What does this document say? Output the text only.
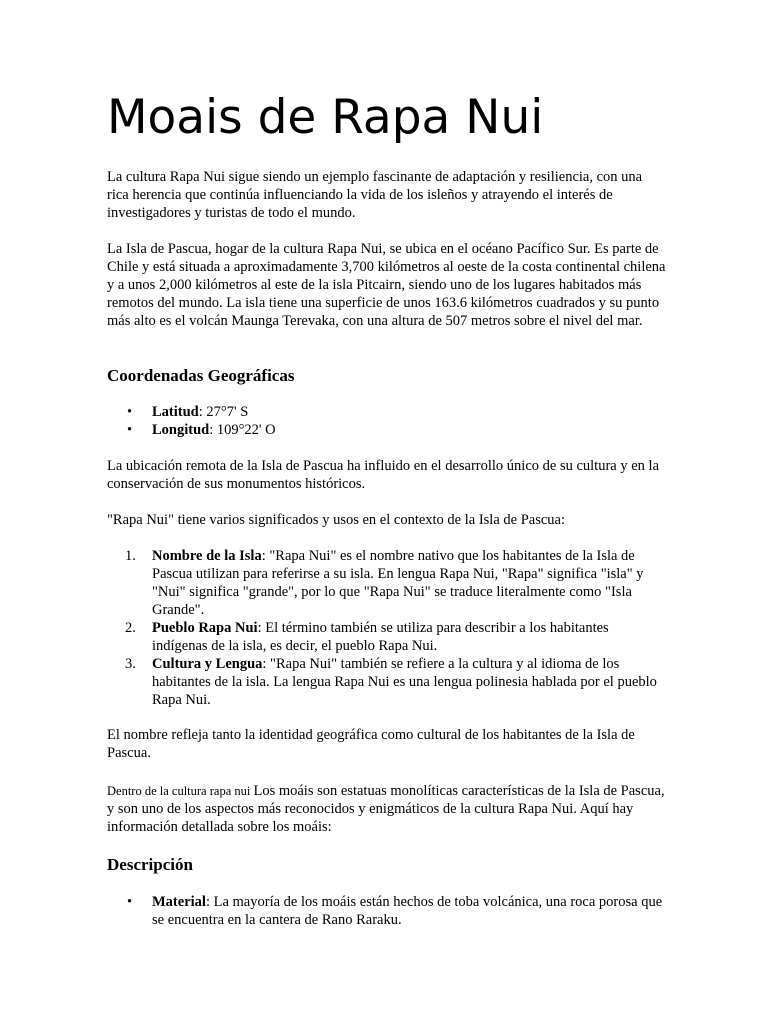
Moais de Rapa Nui

La cultura Rapa Nui sigue siendo un ejemplo fascinante de adaptación y resiliencia, con una rica herencia que continúa influenciando la vida de los isleños y atrayendo el interés de investigadores y turistas de todo el mundo.

La Isla de Pascua, hogar de la cultura Rapa Nui, se ubica en el océano Pacífico Sur. Es parte de Chile y está situada a aproximadamente 3,700 kilómetros al oeste de la costa continental chilena y a unos 2,000 kilómetros al este de la isla Pitcairn, siendo uno de los lugares habitados más remotos del mundo. La isla tiene una superficie de unos 163.6 kilómetros cuadrados y su punto más alto es el volcán Maunga Terevaka, con una altura de 507 metros sobre el nivel del mar.

Coordenadas Geográficas
•	Latitud: 27°7' S
•	Longitud: 109°22' O

La ubicación remota de la Isla de Pascua ha influido en el desarrollo único de su cultura y en la conservación de sus monumentos históricos.

"Rapa Nui" tiene varios significados y usos en el contexto de la Isla de Pascua:

1.	Nombre de la Isla: "Rapa Nui" es el nombre nativo que los habitantes de la Isla de Pascua utilizan para referirse a su isla. En lengua Rapa Nui, "Rapa" significa "isla" y "Nui" significa "grande", por lo que "Rapa Nui" se traduce literalmente como "Isla Grande".
2.	Pueblo Rapa Nui: El término también se utiliza para describir a los habitantes indígenas de la isla, es decir, el pueblo Rapa Nui.
3.	Cultura y Lengua: "Rapa Nui" también se refiere a la cultura y al idioma de los habitantes de la isla. La lengua Rapa Nui es una lengua polinesia hablada por el pueblo Rapa Nui.

El nombre refleja tanto la identidad geográfica como cultural de los habitantes de la Isla de Pascua.

Dentro de la cultura rapa nui Los moáis son estatuas monolíticas características de la Isla de Pascua, y son uno de los aspectos más reconocidos y enigmáticos de la cultura Rapa Nui. Aquí hay información detallada sobre los moáis:

Descripción
•	Material: La mayoría de los moáis están hechos de toba volcánica, una roca porosa que se encuentra en la cantera de Rano Raraku.
